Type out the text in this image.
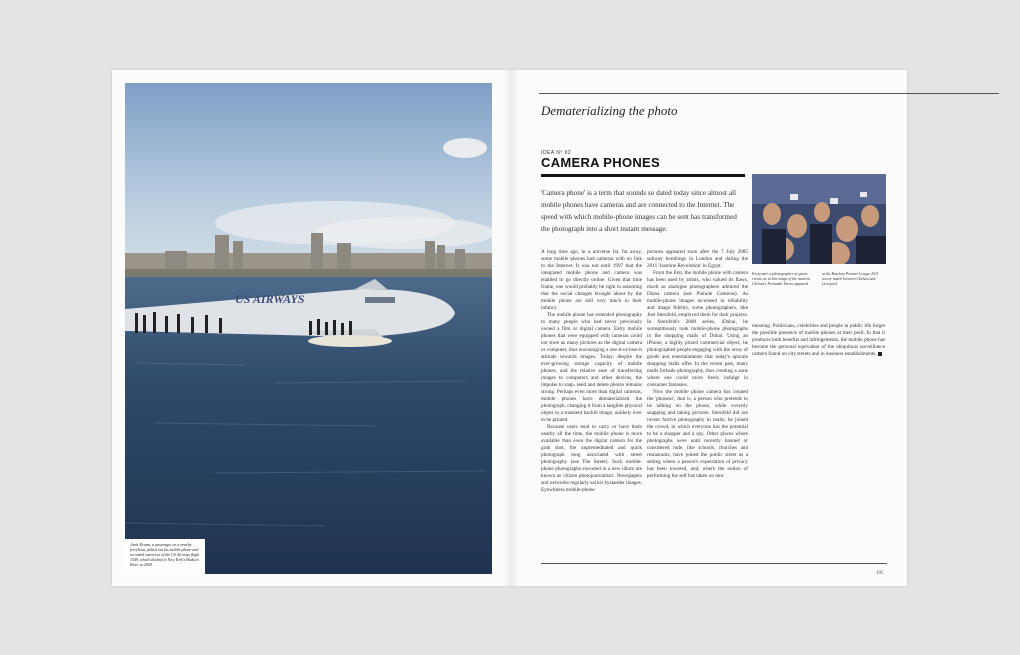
US AIRWAYS
Janis Krums, a passenger on a nearby ferryboat, pulled out his mobile phone and recorded survivors of the US Airways flight 1549, which ditched in New York's Hudson River in 2009.
Dematerializing the photo
IDEA Nº 92
CAMERA PHONES
'Camera phone' is a term that sounds so dated today since almost all mobile phones have cameras and are connected to the Internet. The speed with which mobile-phone images can be sent has transformed the photograph into a short instant message.

A long time ago, in a universe far, far away, some mobile phones had cameras with no link to the Internet. It was not until 1997 that the integrated mobile phone and camera was enabled to go directly online. Given that time frame, one would probably be right in assuming that the social changes brought about by the mobile phone are still very much in their infancy.

The mobile phone has extended photography to many people who had never previously owned a film or digital camera. Early mobile phones that were equipped with cameras could not store as many pictures as the digital camera or computer, thus encouraging a use-it-or-lose-it attitude towards images. Today, despite the ever-growing storage capacity of mobile phones, and the relative ease of transferring images to computers and other devices, the impulse to snap, send and delete photos remains strong. Perhaps even more than digital cameras, mobile phones have dematerialized the photograph, changing it from a tangible physical object to a transient backlit image, unlikely ever to be printed.

Because users tend to carry or have them nearby all the time, the mobile phone is more available than even the digital camera for the grab shot, the unpremeditated and quick photograph long associated with street photography (see The Street). Such mobile-phone photographs executed in a new idiom are known as 'citizen photojournalism'. Newspapers and networks regularly solicit bystander images. Eyewitness mobile-phone

pictures appeared soon after the 7 July 2005 subway bombings in London and during the 2011 'Jasmine Revolution' in Egypt.

From the first, the mobile phone with camera has been used by artists, who valued its flaws, much as analogue photographers admired the Diana camera (see Pinhole Cameras). As mobile-phone images increased in reliability and image fidelity, some photographers, like Joel Sternfeld, employed them for their projects. In Sternfeld's 2008 series, iDubai, he surreptitiously took mobile-phone photographs in the shopping malls of Dubai. Using an iPhone, a highly prized commercial object, he photographed people engaging with the array of goods and entertainments that today's upscale shopping malls offer. In the recent past, many malls forbade photography, thus creating a zone where one could more freely indulge in consumer fantasies.

Now the mobile phone camera has created the 'phoneur', that is, a person who pretends to be talking on the phone, while covertly snapping and taking pictures. Sternfeld did not invent furtive photography in malls; he joined the crowd, in which everyone has the potential to be a shopper and a spy. Other places where photographs were until recently banned or considered rude, like schools, churches and restaurants, have joined the public street as a setting where a person's expectation of privacy has been lowered, and, where the notion of performing the self has taken on new

Everyone's a photographer at sports events, as in this image of the moment Chelsea's Fernando Torres appeared
at the Barclays Premier League 2011 soccer match between Chelsea and Liverpool.

meaning. Politicians, celebrities and people in public life forget the possible presence of mobile phones at their peril. In that it produces both benefits and infringements, the mobile phone has become the personal equivalent of the ubiquitous surveillance camera found on city streets and in business establishments.

195
